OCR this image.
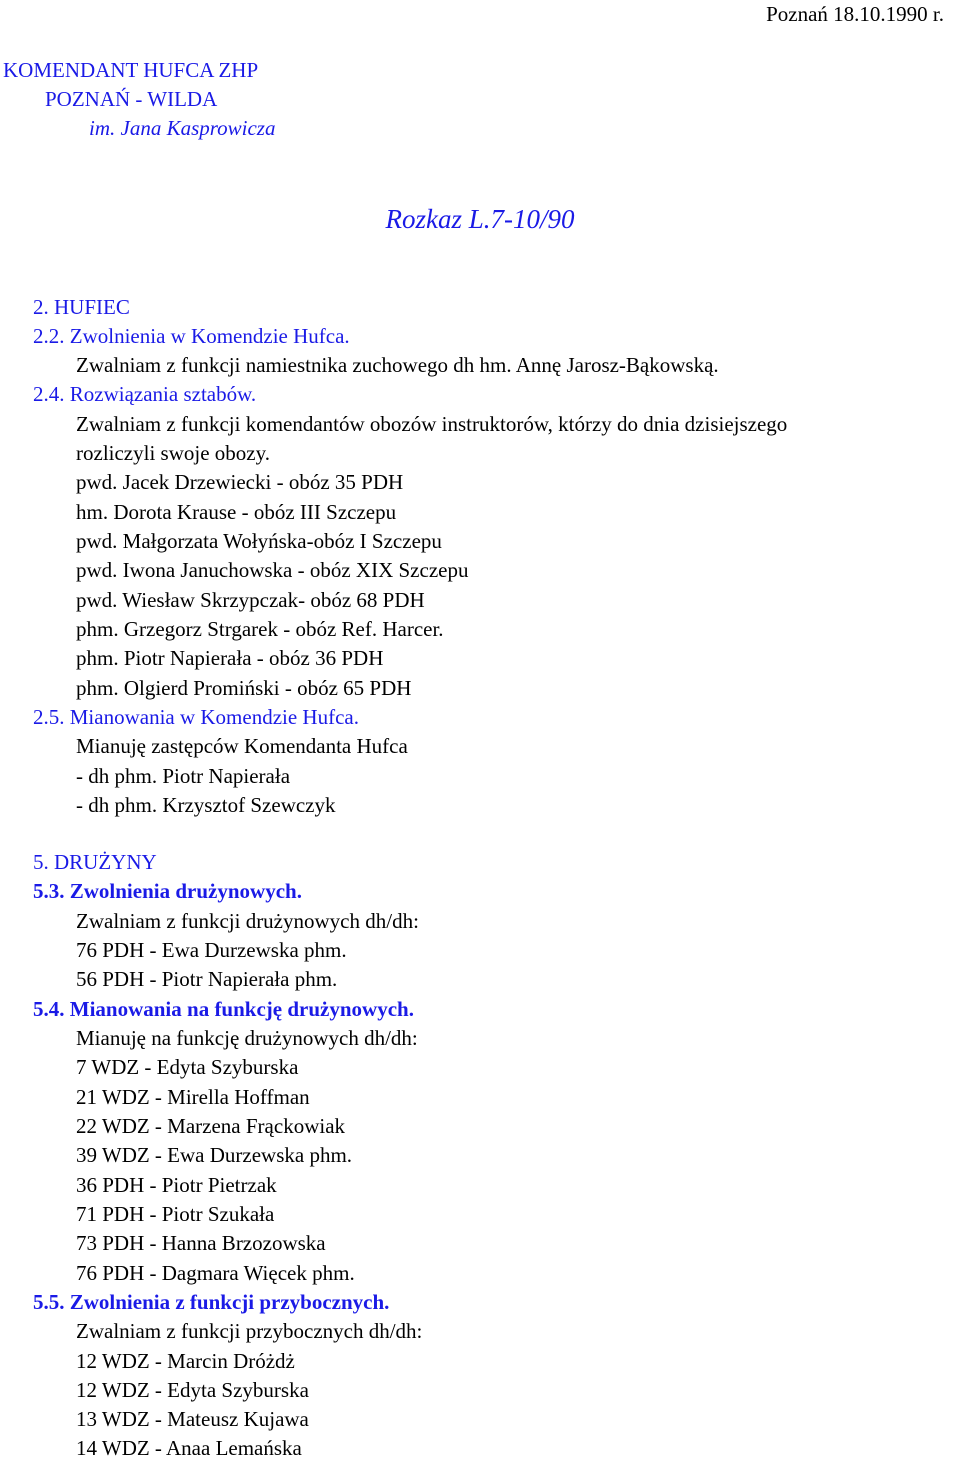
Poznań 18.10.1990 r.
KOMENDANT HUFCA ZHP
POZNAŃ - WILDA
im. Jana Kasprowicza
Rozkaz L.7-10/90
2. HUFIEC
2.2. Zwolnienia w Komendzie Hufca.
Zwalniam z funkcji namiestnika zuchowego dh hm. Annę Jarosz-Bąkowską.
2.4. Rozwiązania sztabów.
Zwalniam z funkcji komendantów obozów instruktorów, którzy do dnia dzisiejszego
rozliczyli swoje obozy.
pwd. Jacek Drzewiecki - obóz 35 PDH
hm. Dorota Krause - obóz III Szczepu
pwd. Małgorzata Wołyńska-obóz I Szczepu
pwd. Iwona Januchowska - obóz XIX Szczepu
pwd. Wiesław Skrzypczak- obóz 68 PDH
phm. Grzegorz Strgarek - obóz Ref. Harcer.
phm. Piotr Napierała - obóz 36 PDH
phm. Olgierd Promiński - obóz 65 PDH
2.5. Mianowania w Komendzie Hufca.
Mianuję zastępców Komendanta Hufca
- dh phm. Piotr Napierała
- dh phm. Krzysztof Szewczyk
5. DRUŻYNY
5.3. Zwolnienia drużynowych.
Zwalniam z funkcji drużynowych dh/dh:
76 PDH - Ewa Durzewska phm.
56 PDH - Piotr Napierała phm.
5.4. Mianowania na funkcję drużynowych.
Mianuję na funkcję drużynowych dh/dh:
7 WDZ - Edyta Szyburska
21 WDZ - Mirella Hoffman
22 WDZ - Marzena Frąckowiak
39 WDZ - Ewa Durzewska phm.
36 PDH - Piotr Pietrzak
71 PDH - Piotr Szukała
73 PDH - Hanna Brzozowska
76 PDH - Dagmara Więcek phm.
5.5. Zwolnienia z funkcji przybocznych.
Zwalniam z funkcji przybocznych dh/dh:
12 WDZ - Marcin Dróżdż
12 WDZ - Edyta Szyburska
13 WDZ - Mateusz Kujawa
14 WDZ - Anaa Lemańska
